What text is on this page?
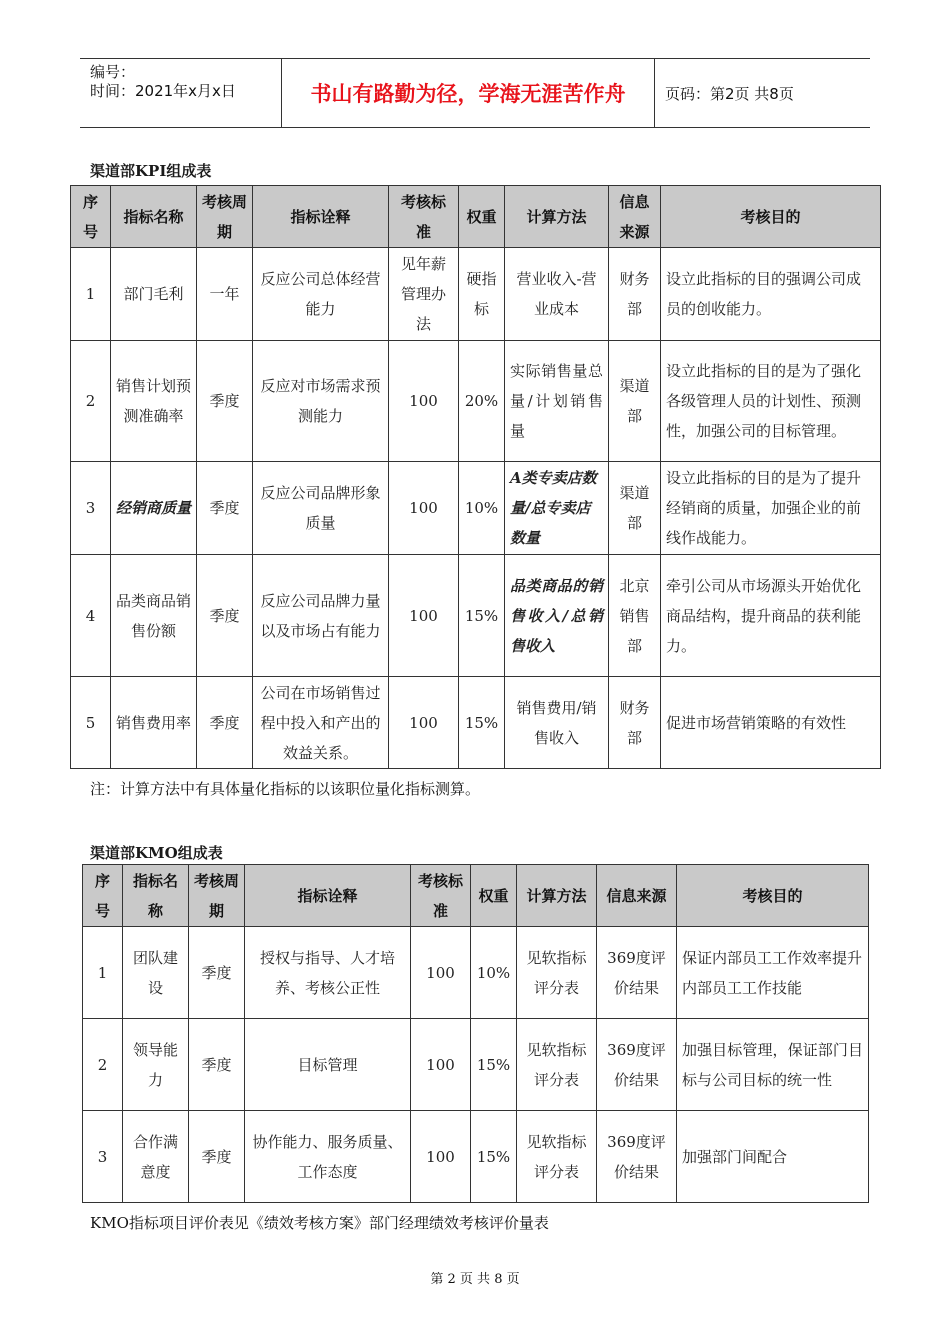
编号：
时间：2021年x月x日	书山有路勤为径，学海无涯苦作舟	页码：第2页 共8页
渠道部KPI组成表
序号	指标名称	考核周期	指标诠释	考核标准	权重	计算方法	信息来源	考核目的
1	部门毛利	一年	反应公司总体经营能力	见年薪管理办法	硬指标	营业收入-营业成本	财务部	设立此指标的目的强调公司成员的创收能力。
2	销售计划预测准确率	季度	反应对市场需求预测能力	100	20%	实际销售量总量/计划销售量	渠道部	设立此指标的目的是为了强化各级管理人员的计划性、预测性，加强公司的目标管理。
3	经销商质量	季度	反应公司品牌形象质量	100	10%	A类专卖店数量/总专卖店数量	渠道部	设立此指标的目的是为了提升经销商的质量，加强企业的前线作战能力。
4	品类商品销售份额	季度	反应公司品牌力量以及市场占有能力	100	15%	品类商品的销售收入/总销售收入	北京销售部	牵引公司从市场源头开始优化商品结构，提升商品的获利能力。
5	销售费用率	季度	公司在市场销售过程中投入和产出的效益关系。	100	15%	销售费用/销售收入	财务部	促进市场营销策略的有效性
注：计算方法中有具体量化指标的以该职位量化指标测算。
渠道部KMO组成表
序号	指标名称	考核周期	指标诠释	考核标准	权重	计算方法	信息来源	考核目的
1	团队建设	季度	授权与指导、人才培养、考核公正性	100	10%	见软指标评分表	369度评价结果	保证内部员工工作效率提升内部员工工作技能
2	领导能力	季度	目标管理	100	15%	见软指标评分表	369度评价结果	加强目标管理，保证部门目标与公司目标的统一性
3	合作满意度	季度	协作能力、服务质量、工作态度	100	15%	见软指标评分表	369度评价结果	加强部门间配合
KMO指标项目评价表见《绩效考核方案》部门经理绩效考核评价量表
第 2 页 共 8 页
